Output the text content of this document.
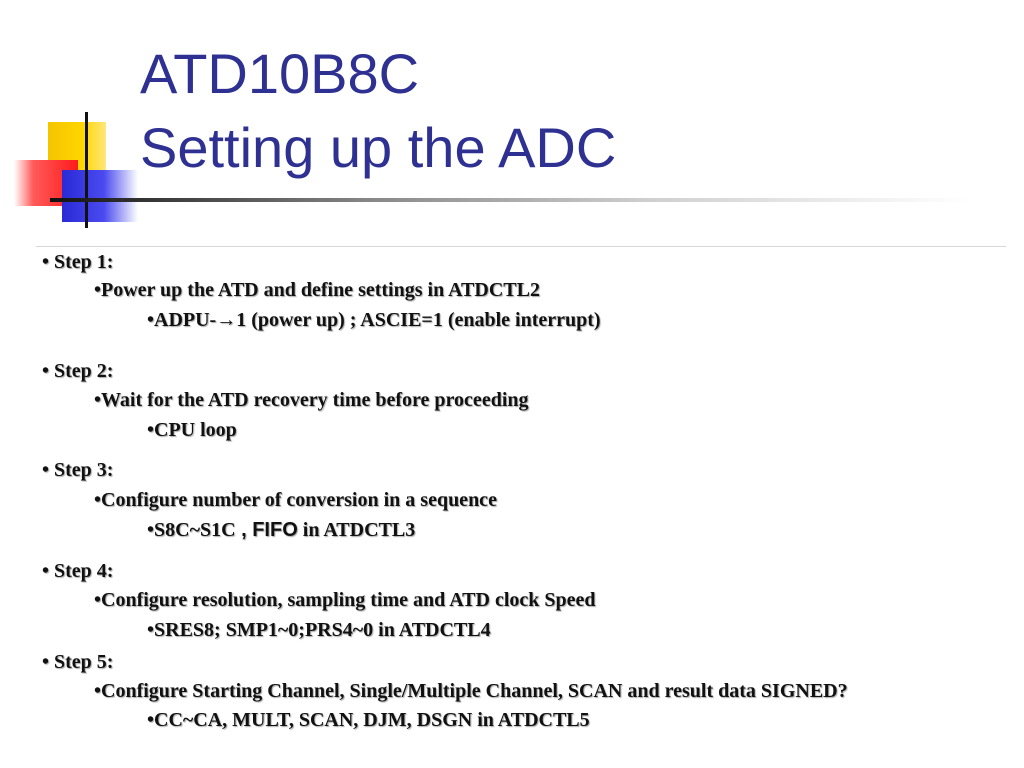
ATD10B8C
Setting up the ADC
• Step 1:
•Power up the ATD and define settings in ATDCTL2
•ADPU-→1 (power up) ; ASCIE=1 (enable interrupt)
• Step 2:
•Wait for the ATD recovery time before proceeding
•CPU loop
• Step 3:
•Configure number of conversion in a sequence
•S8C~S1C , FIFO in ATDCTL3
• Step 4:
•Configure resolution, sampling time and ATD clock Speed
•SRES8; SMP1~0;PRS4~0 in ATDCTL4
• Step 5:
•Configure Starting Channel, Single/Multiple Channel, SCAN and result data SIGNED?
•CC~CA, MULT, SCAN, DJM, DSGN in ATDCTL5
